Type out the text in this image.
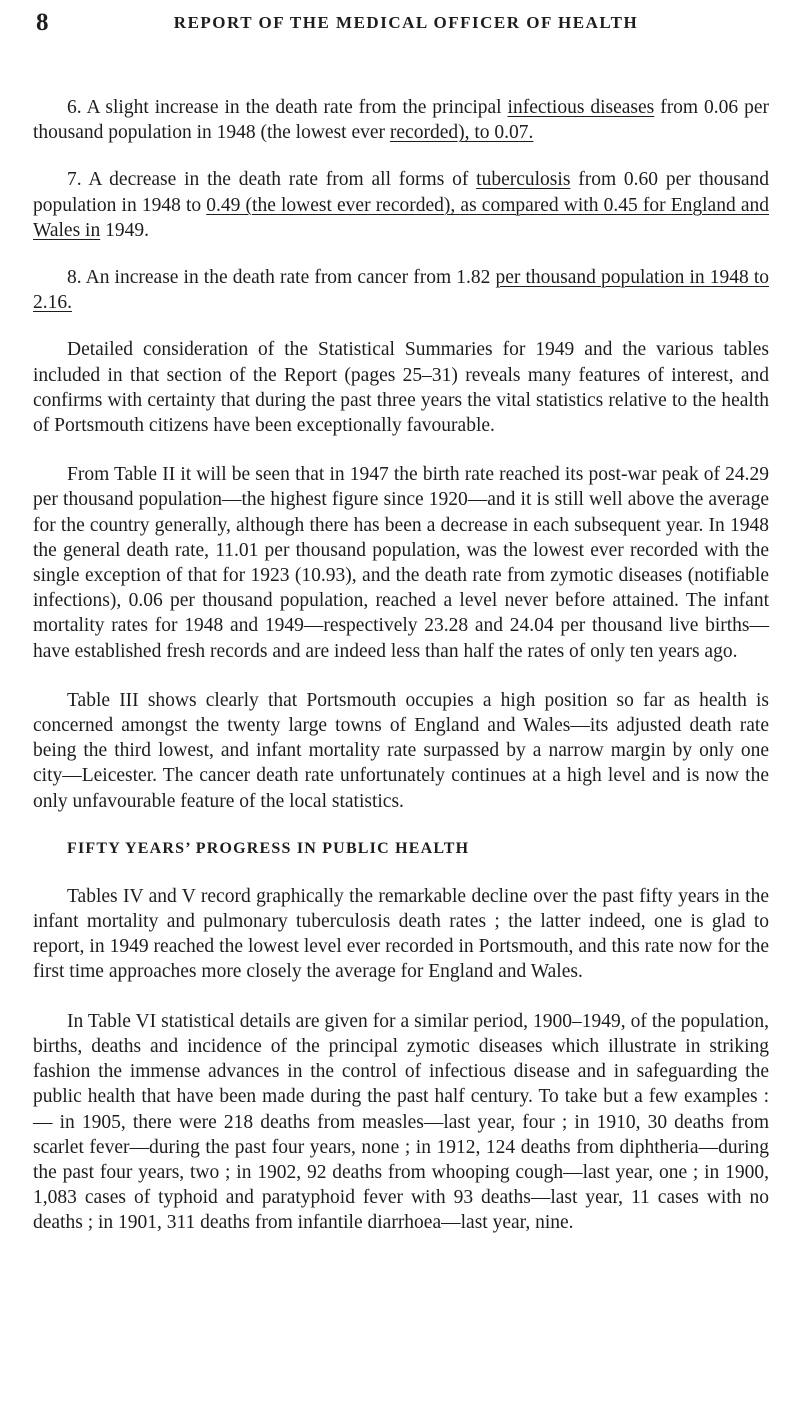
8	REPORT OF THE MEDICAL OFFICER OF HEALTH

6. A slight increase in the death rate from the principal infectious diseases from 0.06 per thousand population in 1948 (the lowest ever recorded), to 0.07.

7. A decrease in the death rate from all forms of tuberculosis from 0.60 per thousand population in 1948 to 0.49 (the lowest ever recorded), as compared with 0.45 for England and Wales in 1949.

8. An increase in the death rate from cancer from 1.82 per thousand population in 1948 to 2.16.

Detailed consideration of the Statistical Summaries for 1949 and the various tables included in that section of the Report (pages 25–31) reveals many features of interest, and confirms with certainty that during the past three years the vital statistics relative to the health of Portsmouth citizens have been exceptionally favourable.

From Table II it will be seen that in 1947 the birth rate reached its post-war peak of 24.29 per thousand population—the highest figure since 1920—and it is still well above the average for the country generally, although there has been a decrease in each subsequent year. In 1948 the general death rate, 11.01 per thousand population, was the lowest ever recorded with the single exception of that for 1923 (10.93), and the death rate from zymotic diseases (notifiable infections), 0.06 per thousand population, reached a level never before attained. The infant mortality rates for 1948 and 1949—respectively 23.28 and 24.04 per thousand live births—have established fresh records and are indeed less than half the rates of only ten years ago.

Table III shows clearly that Portsmouth occupies a high position so far as health is concerned amongst the twenty large towns of England and Wales—its adjusted death rate being the third lowest, and infant mortality rate surpassed by a narrow margin by only one city—Leicester. The cancer death rate unfortunately continues at a high level and is now the only unfavourable feature of the local statistics.

FIFTY YEARS’ PROGRESS IN PUBLIC HEALTH

Tables IV and V record graphically the remarkable decline over the past fifty years in the infant mortality and pulmonary tuberculosis death rates ; the latter indeed, one is glad to report, in 1949 reached the lowest level ever recorded in Portsmouth, and this rate now for the first time approaches more closely the average for England and Wales.

In Table VI statistical details are given for a similar period, 1900–1949, of the population, births, deaths and incidence of the principal zymotic diseases which illustrate in striking fashion the immense advances in the control of infectious disease and in safeguarding the public health that have been made during the past half century. To take but a few examples :— in 1905, there were 218 deaths from measles—last year, four ; in 1910, 30 deaths from scarlet fever—during the past four years, none ; in 1912, 124 deaths from diphtheria—during the past four years, two ; in 1902, 92 deaths from whooping cough—last year, one ; in 1900, 1,083 cases of typhoid and paratyphoid fever with 93 deaths—last year, 11 cases with no deaths ; in 1901, 311 deaths from infantile diarrhoea—last year, nine.
